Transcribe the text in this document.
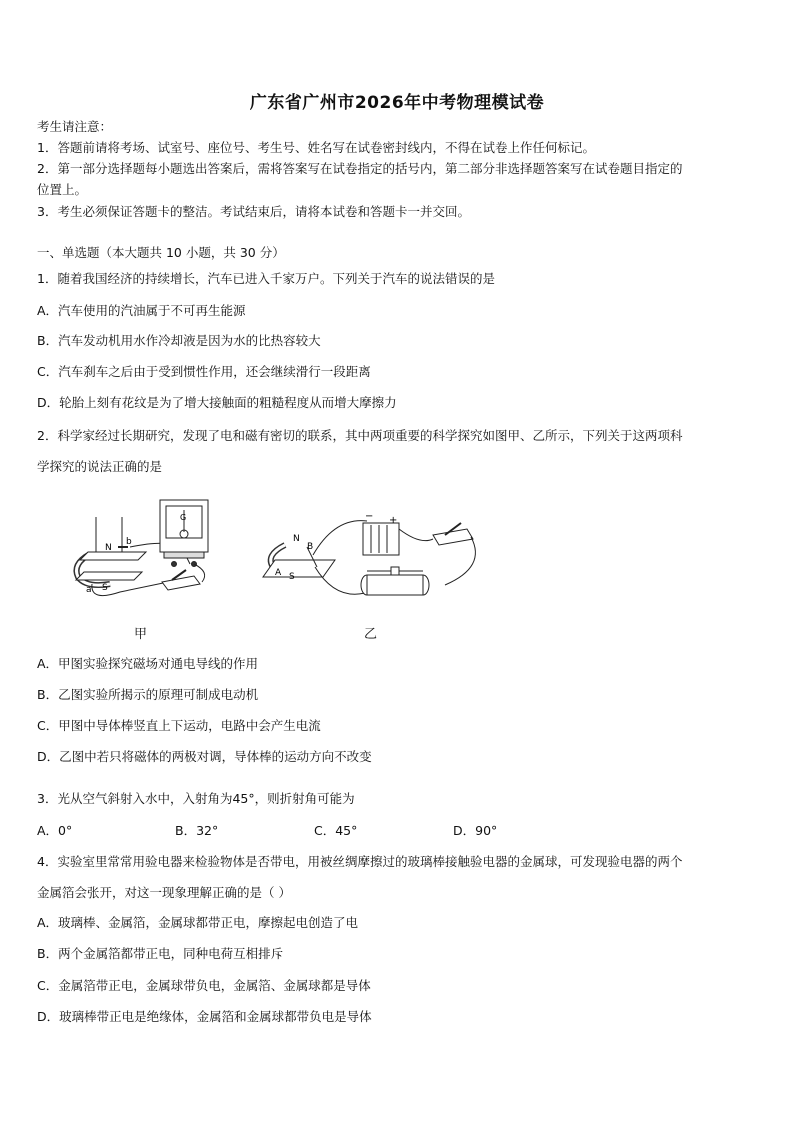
广东省广州市2026年中考物理模试卷
考生请注意：
1．答题前请将考场、试室号、座位号、考生号、姓名写在试卷密封线内，不得在试卷上作任何标记。
2．第一部分选择题每小题选出答案后，需将答案写在试卷指定的括号内，第二部分非选择题答案写在试卷题目指定的
位置上。
3．考生必须保证答题卡的整洁。考试结束后，请将本试卷和答题卡一并交回。
一、单选题（本大题共 10 小题，共 30 分）
1．随着我国经济的持续增长，汽车已进入千家万户。下列关于汽车的说法错误的是
A．汽车使用的汽油属于不可再生能源
B．汽车发动机用水作冷却液是因为水的比热容较大
C．汽车刹车之后由于受到惯性作用，还会继续滑行一段距离
D．轮胎上刻有花纹是为了增大接触面的粗糙程度从而增大摩擦力
2．科学家经过长期研究，发现了电和磁有密切的联系，其中两项重要的科学探究如图甲、乙所示，下列关于这两项科
学探究的说法正确的是
N
S
a
b
G
N
S
A
B
− +
甲	乙
A．甲图实验探究磁场对通电导线的作用
B．乙图实验所揭示的原理可制成电动机
C．甲图中导体棒竖直上下运动，电路中会产生电流
D．乙图中若只将磁体的两极对调，导体棒的运动方向不改变
3．光从空气斜射入水中，入射角为45°，则折射角可能为
A．0°	B．32°	C．45°	D．90°
4．实验室里常常用验电器来检验物体是否带电，用被丝绸摩擦过的玻璃棒接触验电器的金属球，可发现验电器的两个
金属箔会张开，对这一现象理解正确的是（ ）
A．玻璃棒、金属箔，金属球都带正电，摩擦起电创造了电
B．两个金属箔都带正电，同种电荷互相排斥
C．金属箔带正电，金属球带负电，金属箔、金属球都是导体
D．玻璃棒带正电是绝缘体，金属箔和金属球都带负电是导体
